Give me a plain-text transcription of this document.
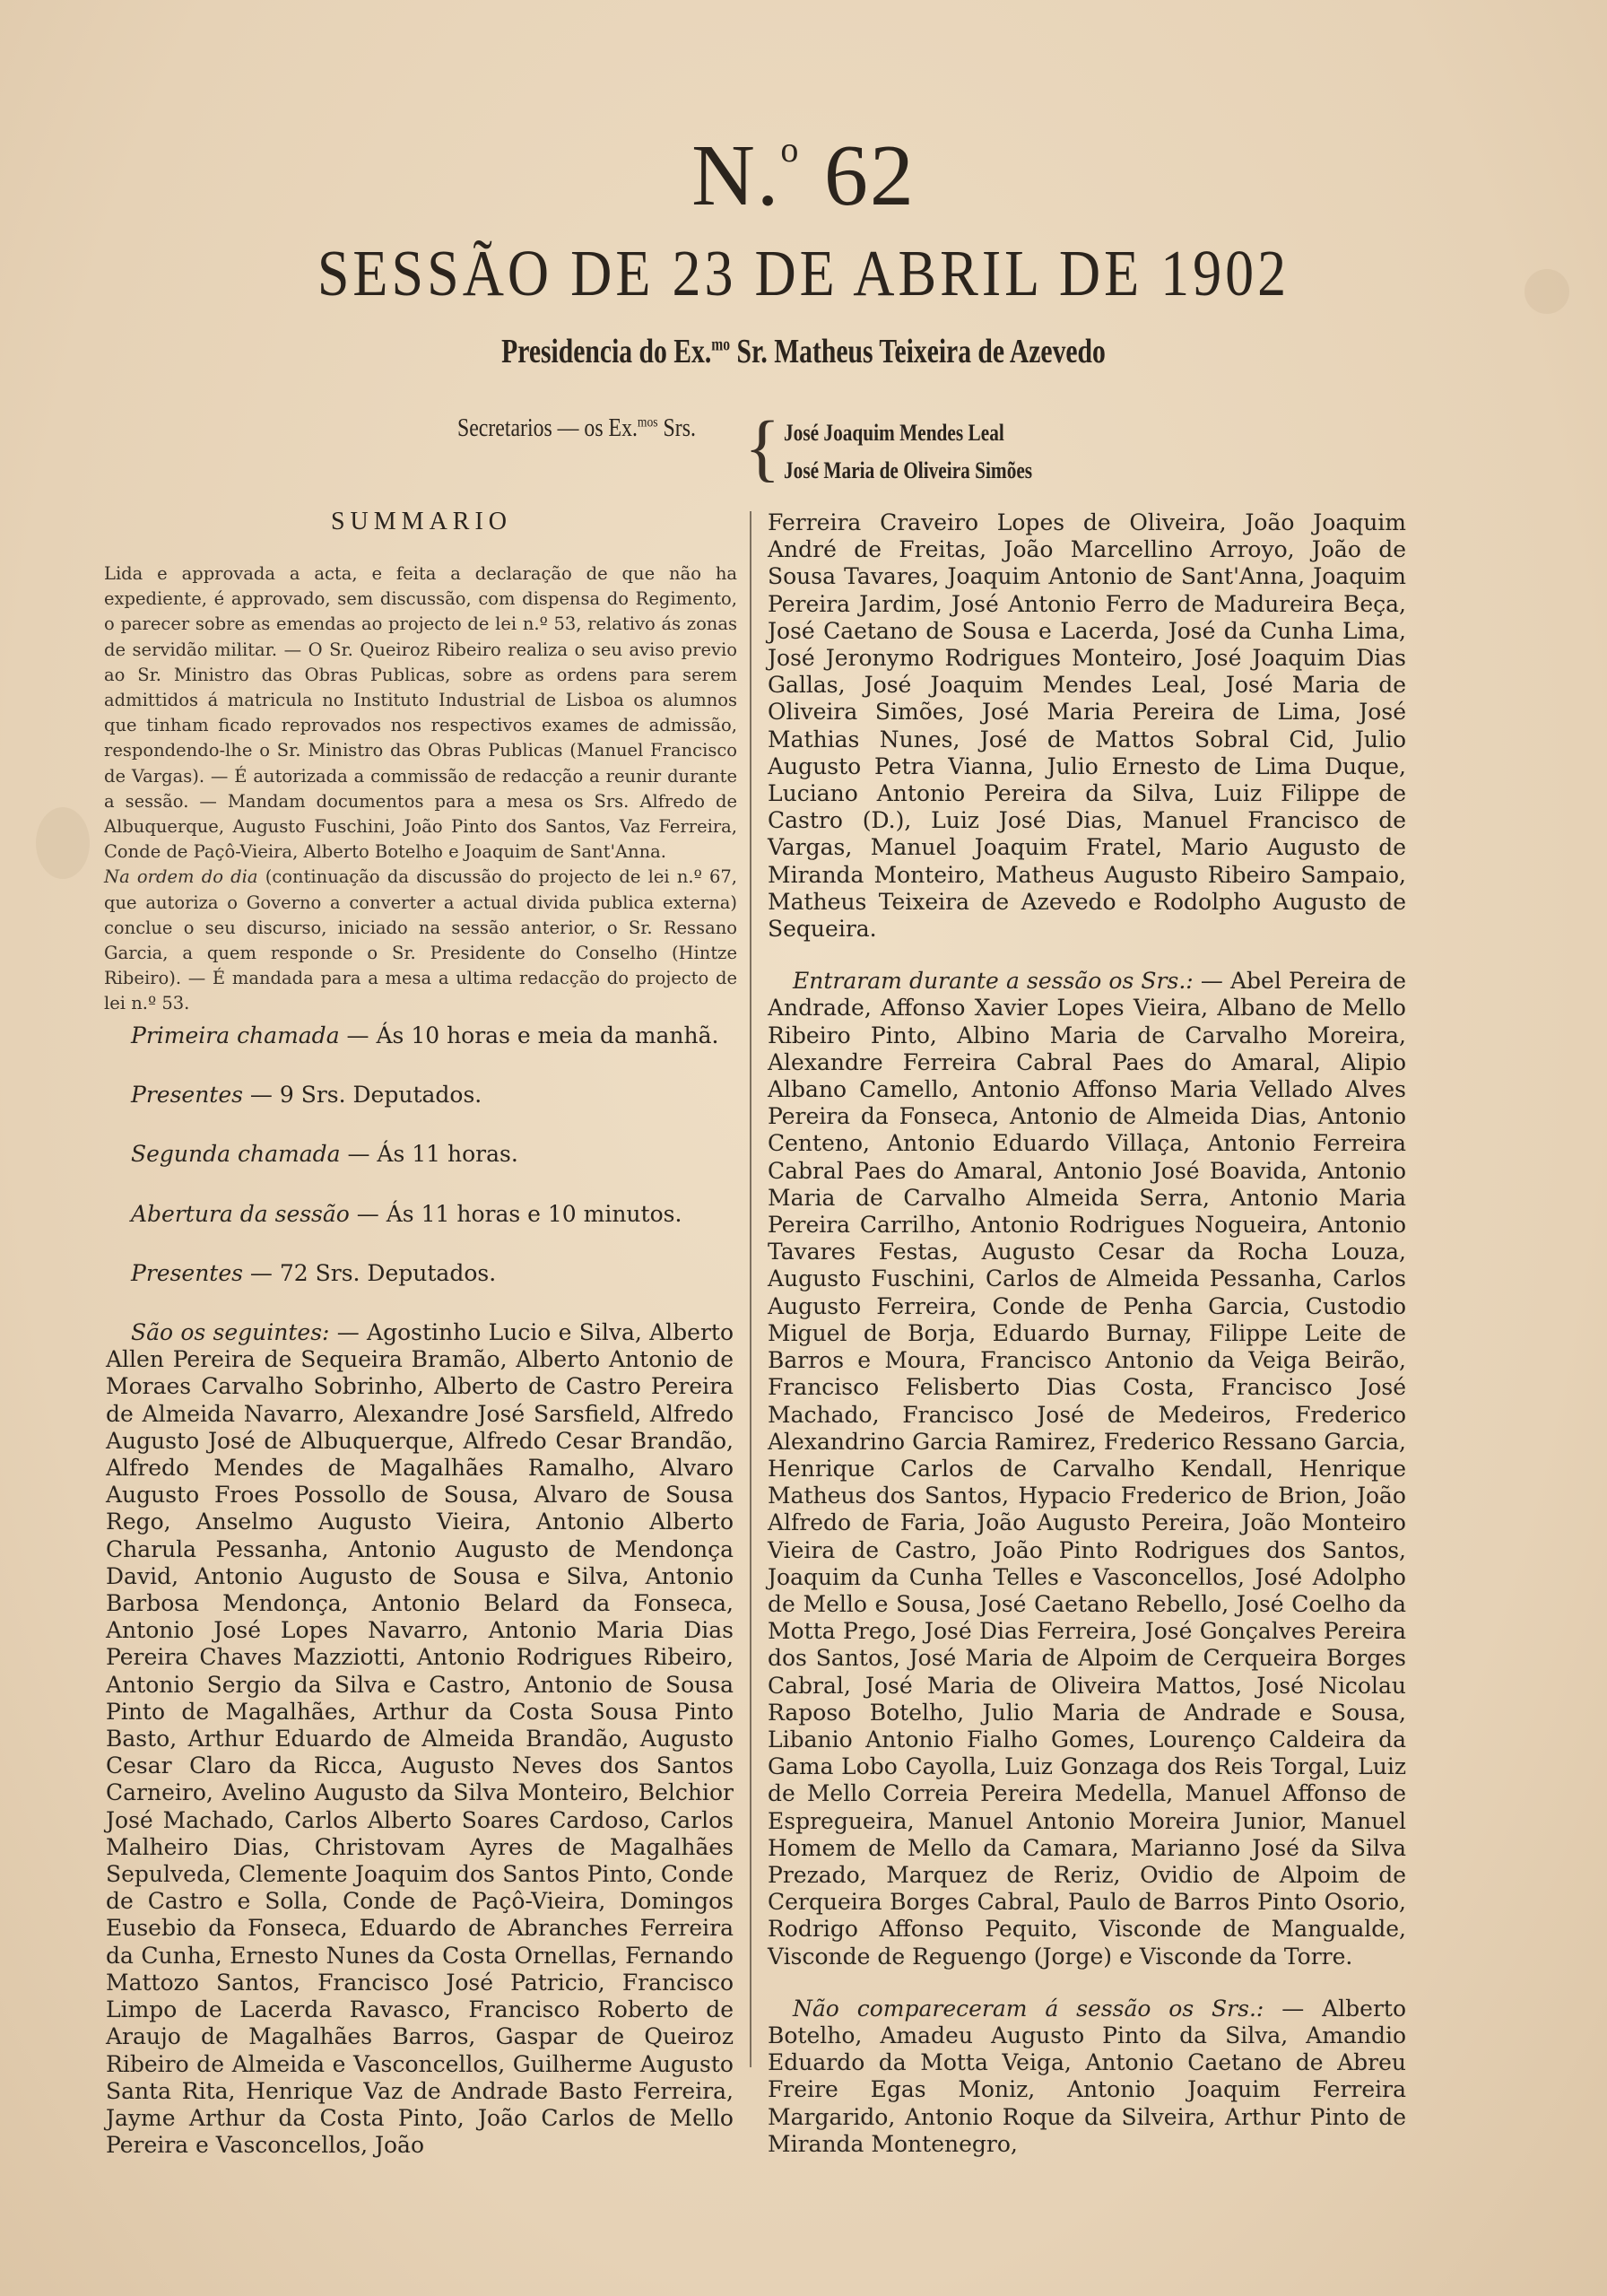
N.$^o$ 62
SESSÃO DE 23 DE ABRIL DE 1902
Presidencia do Ex.$^{mo}$ Sr. Matheus Teixeira de Azevedo
Secretarios — os Ex.$^{mos}$ Srs. { José Joaquim Mendes Leal
José Maria de Oliveira Simões
SUMMARIO

Lida e approvada a acta, e feita a declaração de que não ha expediente, é approvado, sem discussão, com dispensa do Regimento, o parecer sobre as emendas ao projecto de lei n.º 53, relativo ás zonas de servidão militar. — O Sr. Queiroz Ribeiro realiza o seu aviso previo ao Sr. Ministro das Obras Publicas, sobre as ordens para serem admittidos á matricula no Instituto Industrial de Lisboa os alumnos que tinham ficado reprovados nos respectivos exames de admissão, respondendo-lhe o Sr. Ministro das Obras Publicas (Manuel Francisco de Vargas). — É autorizada a commissão de redacção a reunir durante a sessão. — Mandam documentos para a mesa os Srs. Alfredo de Albuquerque, Augusto Fuschini, João Pinto dos Santos, Vaz Ferreira, Conde de Paçô-Vieira, Alberto Botelho e Joaquim de Sant'Anna.

Na ordem do dia (continuação da discussão do projecto de lei n.º 67, que autoriza o Governo a converter a actual divida publica externa) conclue o seu discurso, iniciado na sessão anterior, o Sr. Ressano Garcia, a quem responde o Sr. Presidente do Conselho (Hintze Ribeiro). — É mandada para a mesa a ultima redacção do projecto de lei n.º 53.

Primeira chamada — Ás 10 horas e meia da manhã.

Presentes — 9 Srs. Deputados.

Segunda chamada — Ás 11 horas.

Abertura da sessão — Ás 11 horas e 10 minutos.

Presentes — 72 Srs. Deputados.

São os seguintes: — Agostinho Lucio e Silva, Alberto Allen Pereira de Sequeira Bramão, Alberto Antonio de Moraes Carvalho Sobrinho, Alberto de Castro Pereira de Almeida Navarro, Alexandre José Sarsfield, Alfredo Augusto José de Albuquerque, Alfredo Cesar Brandão, Alfredo Mendes de Magalhães Ramalho, Alvaro Augusto Froes Possollo de Sousa, Alvaro de Sousa Rego, Anselmo Augusto Vieira, Antonio Alberto Charula Pessanha, Antonio Augusto de Mendonça David, Antonio Augusto de Sousa e Silva, Antonio Barbosa Mendonça, Antonio Belard da Fonseca, Antonio José Lopes Navarro, Antonio Maria Dias Pereira Chaves Mazziotti, Antonio Rodrigues Ribeiro, Antonio Sergio da Silva e Castro, Antonio de Sousa Pinto de Magalhães, Arthur da Costa Sousa Pinto Basto, Arthur Eduardo de Almeida Brandão, Augusto Cesar Claro da Ricca, Augusto Neves dos Santos Carneiro, Avelino Augusto da Silva Monteiro, Belchior José Machado, Carlos Alberto Soares Cardoso, Carlos Malheiro Dias, Christovam Ayres de Magalhães Sepulveda, Clemente Joaquim dos Santos Pinto, Conde de Castro e Solla, Conde de Paçô-Vieira, Domingos Eusebio da Fonseca, Eduardo de Abranches Ferreira da Cunha, Ernesto Nunes da Costa Ornellas, Fernando Mattozo Santos, Francisco José Patricio, Francisco Limpo de Lacerda Ravasco, Francisco Roberto de Araujo de Magalhães Barros, Gaspar de Queiroz Ribeiro de Almeida e Vasconcellos, Guilherme Augusto Santa Rita, Henrique Vaz de Andrade Basto Ferreira, Jayme Arthur da Costa Pinto, João Carlos de Mello Pereira e Vasconcellos, João

Ferreira Craveiro Lopes de Oliveira, João Joaquim André de Freitas, João Marcellino Arroyo, João de Sousa Tavares, Joaquim Antonio de Sant'Anna, Joaquim Pereira Jardim, José Antonio Ferro de Madureira Beça, José Caetano de Sousa e Lacerda, José da Cunha Lima, José Jeronymo Rodrigues Monteiro, José Joaquim Dias Gallas, José Joaquim Mendes Leal, José Maria de Oliveira Simões, José Maria Pereira de Lima, José Mathias Nunes, José de Mattos Sobral Cid, Julio Augusto Petra Vianna, Julio Ernesto de Lima Duque, Luciano Antonio Pereira da Silva, Luiz Filippe de Castro (D.), Luiz José Dias, Manuel Francisco de Vargas, Manuel Joaquim Fratel, Mario Augusto de Miranda Monteiro, Matheus Augusto Ribeiro Sampaio, Matheus Teixeira de Azevedo e Rodolpho Augusto de Sequeira.

Entraram durante a sessão os Srs.: — Abel Pereira de Andrade, Affonso Xavier Lopes Vieira, Albano de Mello Ribeiro Pinto, Albino Maria de Carvalho Moreira, Alexandre Ferreira Cabral Paes do Amaral, Alipio Albano Camello, Antonio Affonso Maria Vellado Alves Pereira da Fonseca, Antonio de Almeida Dias, Antonio Centeno, Antonio Eduardo Villaça, Antonio Ferreira Cabral Paes do Amaral, Antonio José Boavida, Antonio Maria de Carvalho Almeida Serra, Antonio Maria Pereira Carrilho, Antonio Rodrigues Nogueira, Antonio Tavares Festas, Augusto Cesar da Rocha Louza, Augusto Fuschini, Carlos de Almeida Pessanha, Carlos Augusto Ferreira, Conde de Penha Garcia, Custodio Miguel de Borja, Eduardo Burnay, Filippe Leite de Barros e Moura, Francisco Antonio da Veiga Beirão, Francisco Felisberto Dias Costa, Francisco José Machado, Francisco José de Medeiros, Frederico Alexandrino Garcia Ramirez, Frederico Ressano Garcia, Henrique Carlos de Carvalho Kendall, Henrique Matheus dos Santos, Hypacio Frederico de Brion, João Alfredo de Faria, João Augusto Pereira, João Monteiro Vieira de Castro, João Pinto Rodrigues dos Santos, Joaquim da Cunha Telles e Vasconcellos, José Adolpho de Mello e Sousa, José Caetano Rebello, José Coelho da Motta Prego, José Dias Ferreira, José Gonçalves Pereira dos Santos, José Maria de Alpoim de Cerqueira Borges Cabral, José Maria de Oliveira Mattos, José Nicolau Raposo Botelho, Julio Maria de Andrade e Sousa, Libanio Antonio Fialho Gomes, Lourenço Caldeira da Gama Lobo Cayolla, Luiz Gonzaga dos Reis Torgal, Luiz de Mello Correia Pereira Medella, Manuel Affonso de Espregueira, Manuel Antonio Moreira Junior, Manuel Homem de Mello da Camara, Marianno José da Silva Prezado, Marquez de Reriz, Ovidio de Alpoim de Cerqueira Borges Cabral, Paulo de Barros Pinto Osorio, Rodrigo Affonso Pequito, Visconde de Mangualde, Visconde de Reguengo (Jorge) e Visconde da Torre.

Não compareceram á sessão os Srs.: — Alberto Botelho, Amadeu Augusto Pinto da Silva, Amandio Eduardo da Motta Veiga, Antonio Caetano de Abreu Freire Egas Moniz, Antonio Joaquim Ferreira Margarido, Antonio Roque da Silveira, Arthur Pinto de Miranda Montenegro,
